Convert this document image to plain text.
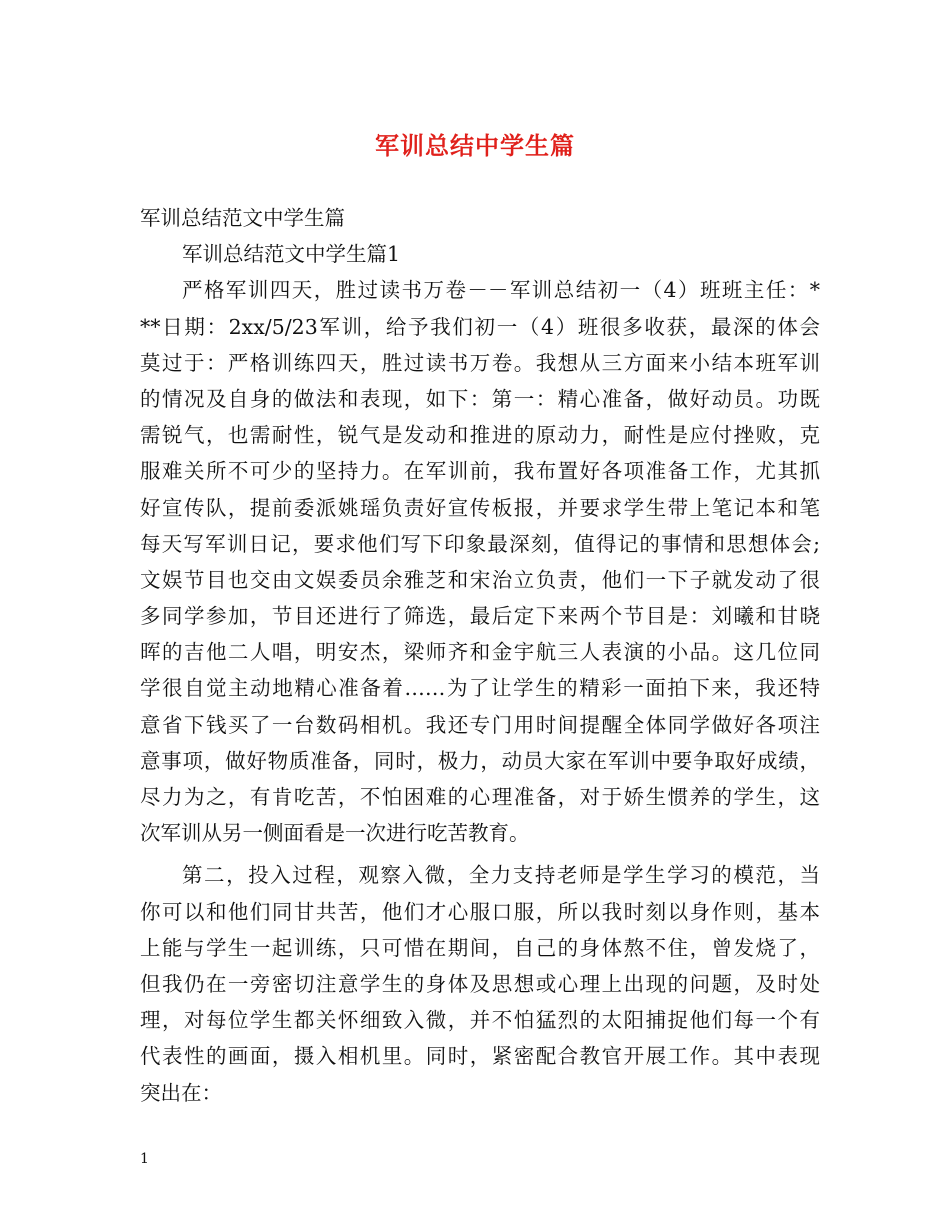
军训总结中学生篇
军训总结范文中学生篇
军训总结范文中学生篇1
严格军训四天，胜过读书万卷－－军训总结初一（4）班班主任：*
**日期：2xx/5/23军训，给予我们初一（4）班很多收获，最深的体会
莫过于：严格训练四天，胜过读书万卷。我想从三方面来小结本班军训
的情况及自身的做法和表现，如下：第一：精心准备，做好动员。功既
需锐气，也需耐性，锐气是发动和推进的原动力，耐性是应付挫败，克
服难关所不可少的坚持力。在军训前，我布置好各项准备工作，尤其抓
好宣传队，提前委派姚瑶负责好宣传板报，并要求学生带上笔记本和笔
每天写军训日记，要求他们写下印象最深刻，值得记的事情和思想体会;
文娱节目也交由文娱委员余雅芝和宋治立负责，他们一下子就发动了很
多同学参加，节目还进行了筛选，最后定下来两个节目是：刘曦和甘晓
晖的吉他二人唱，明安杰，梁师齐和金宇航三人表演的小品。这几位同
学很自觉主动地精心准备着……为了让学生的精彩一面拍下来，我还特
意省下钱买了一台数码相机。我还专门用时间提醒全体同学做好各项注
意事项，做好物质准备，同时，极力，动员大家在军训中要争取好成绩，
尽力为之，有肯吃苦，不怕困难的心理准备，对于娇生惯养的学生，这
次军训从另一侧面看是一次进行吃苦教育。
第二，投入过程，观察入微，全力支持老师是学生学习的模范，当
你可以和他们同甘共苦，他们才心服口服，所以我时刻以身作则，基本
上能与学生一起训练，只可惜在期间，自己的身体熬不住，曾发烧了，
但我仍在一旁密切注意学生的身体及思想或心理上出现的问题，及时处
理，对每位学生都关怀细致入微，并不怕猛烈的太阳捕捉他们每一个有
代表性的画面，摄入相机里。同时，紧密配合教官开展工作。其中表现
突出在：
1
